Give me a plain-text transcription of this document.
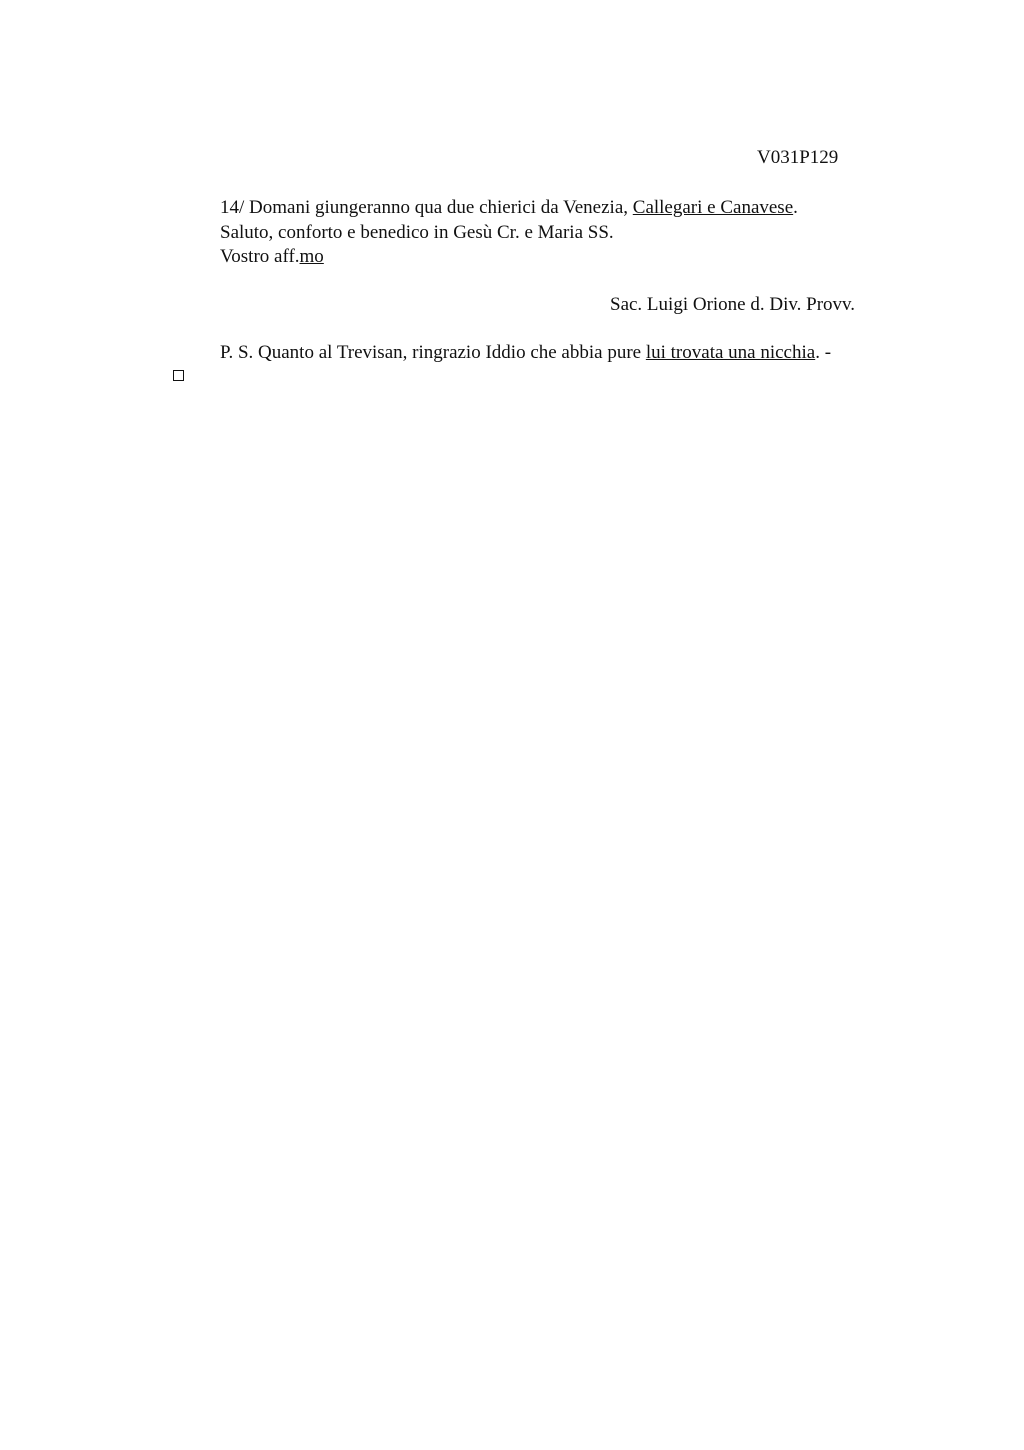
V031P129
14/ Domani giungeranno qua due chierici da Venezia, Callegari e Canavese.
Saluto, conforto e benedico in Gesù Cr. e Maria SS.
Vostro aff.mo
Sac. Luigi Orione d. Div. Provv.
P. S. Quanto al Trevisan, ringrazio Iddio che abbia pure lui trovata una nicchia. -
